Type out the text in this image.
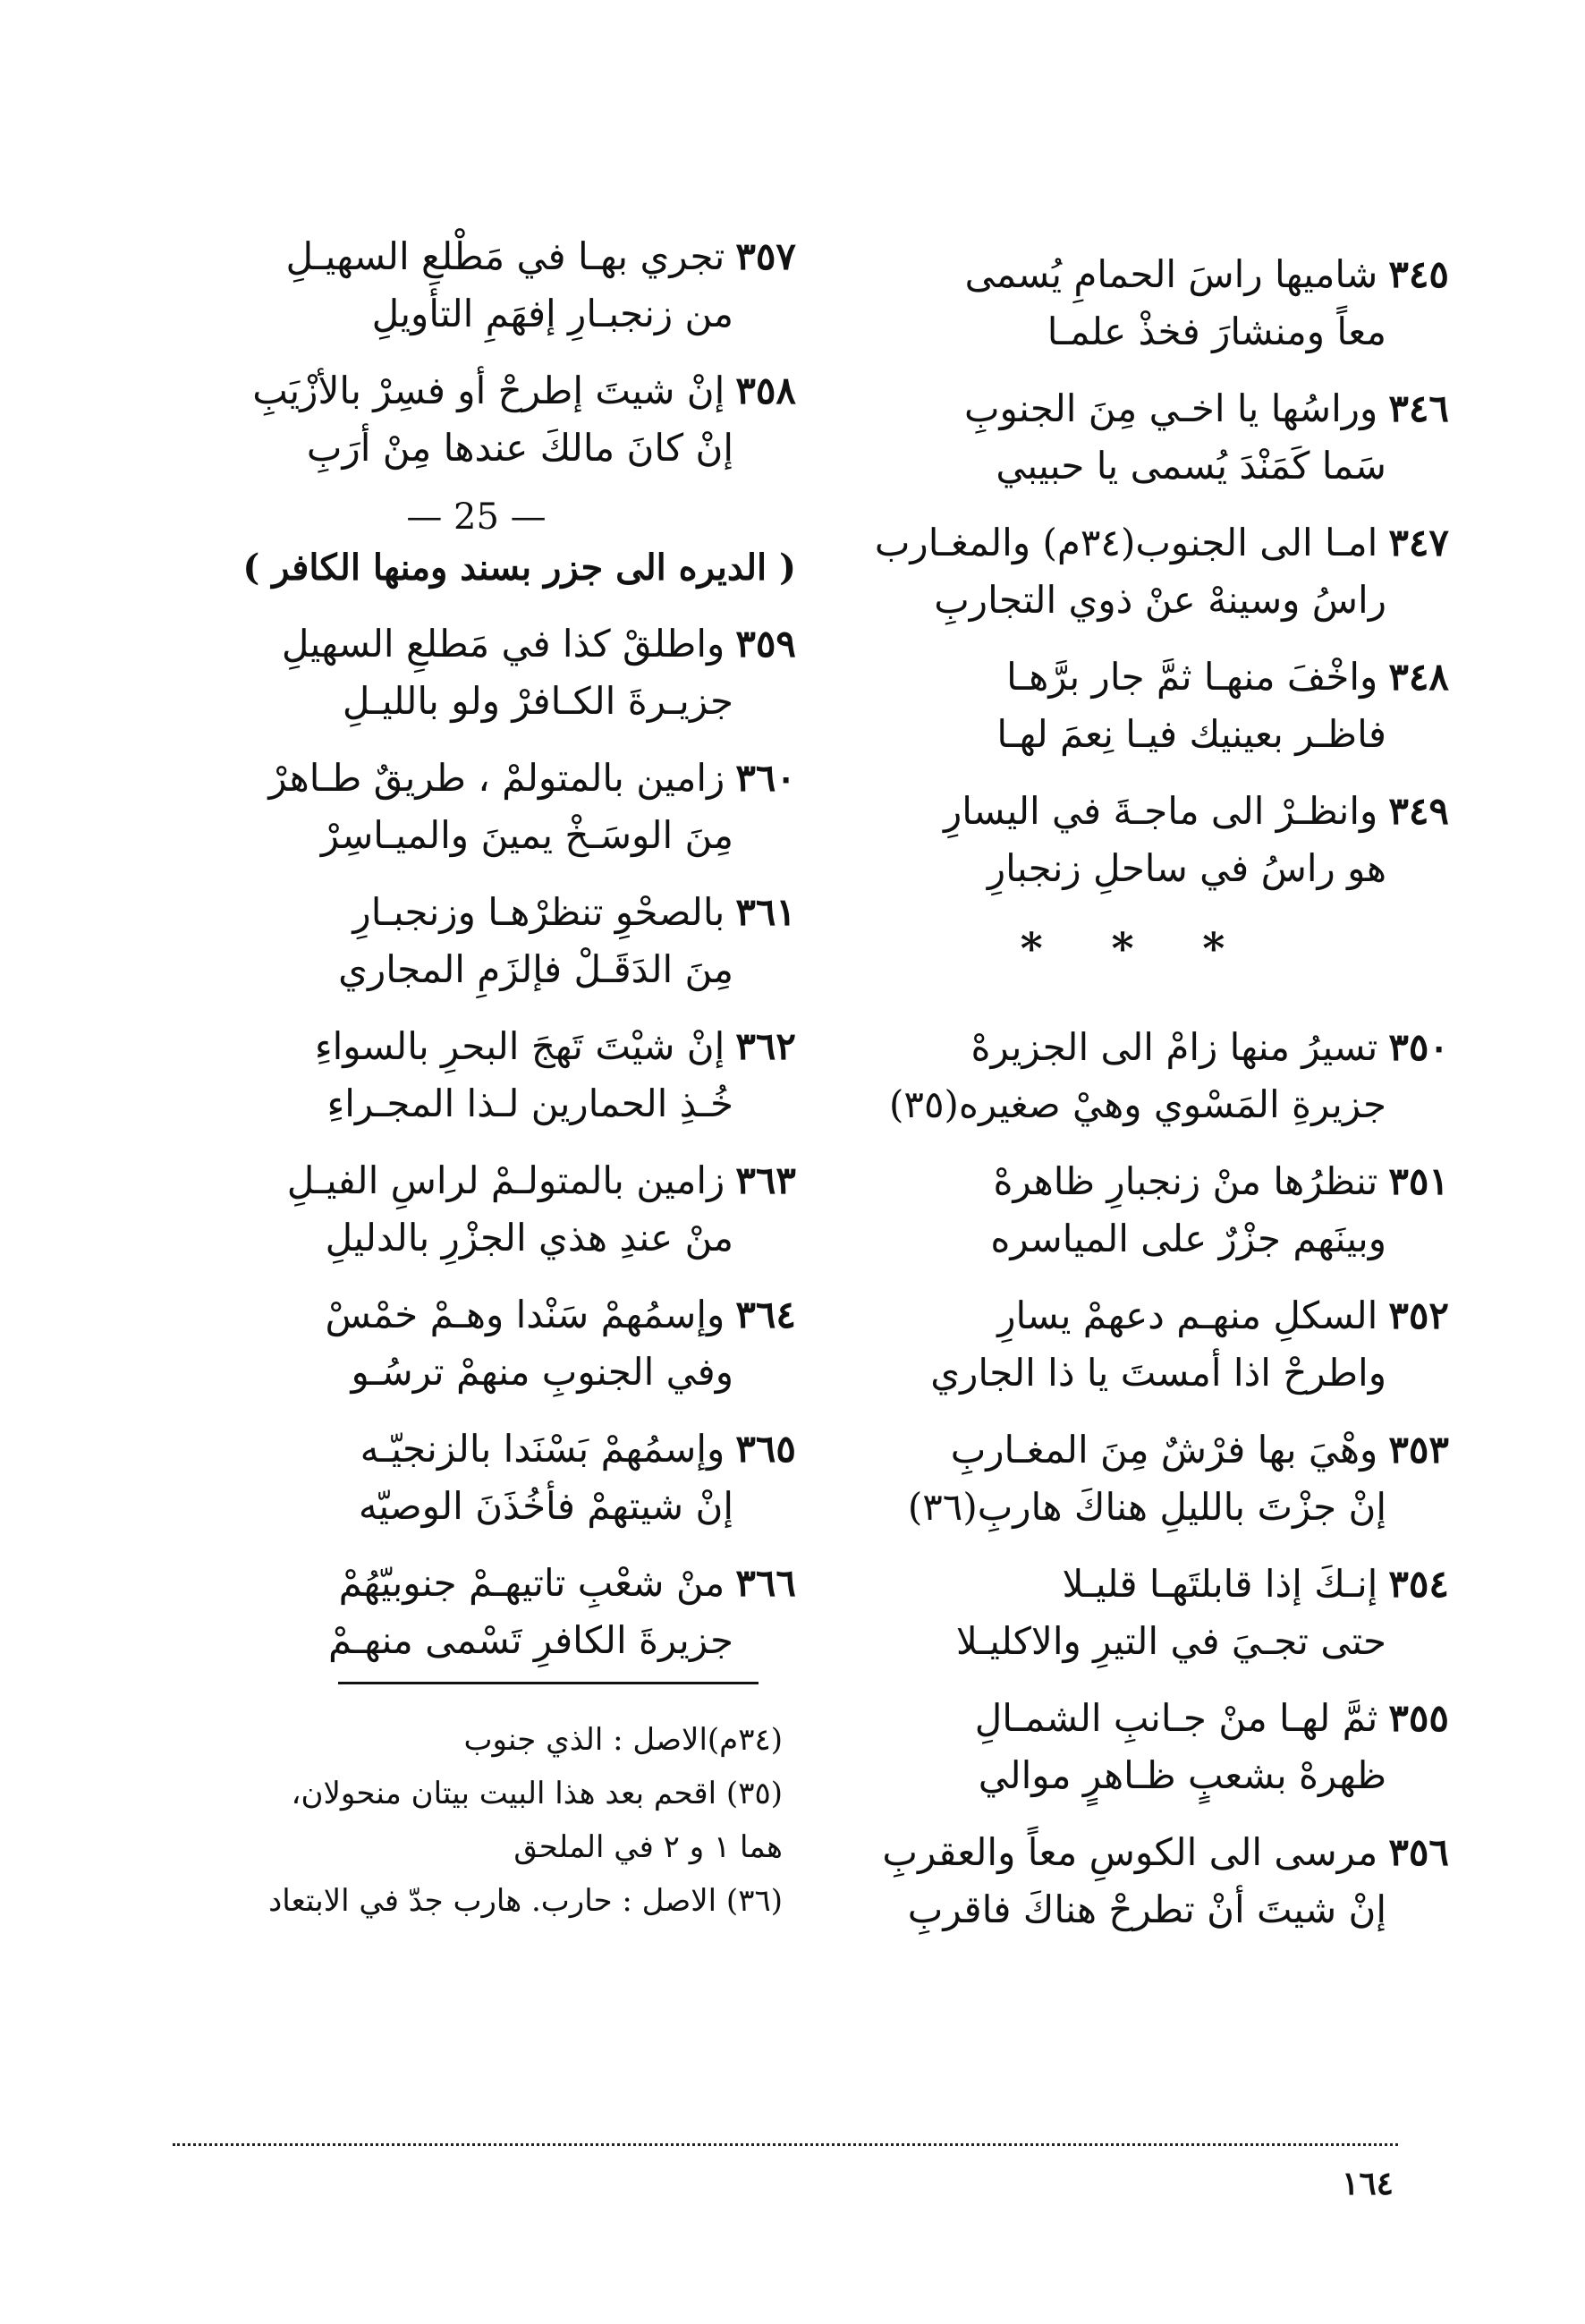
٣٤٥شاميها راسَ الحمامِ يُسمى
معاً ومنشارَ فخذْ علمـا
٣٤٦وراسُها يا اخـي مِنَ الجنوبِ
سَما كَمَنْدَ يُسمى يا حبيبي
٣٤٧امـا الى الجنوب(٣٤م) والمغـارب
راسُ وسينهْ عنْ ذوي التجاربِ
٣٤٨واخْفَ منهـا ثمَّ جار برَّهـا
فاظـر بعينيك فيـا نِعمَ لهـا
٣٤٩وانظـرْ الى ماجـةَ في اليسارِ
هو راسُ في ساحلِ زنجبارِ
* * *
٣٥٠تسيرُ منها زامْ الى الجزيرهْ
جزيرةِ المَسْوي وهيْ صغيره(٣٥)
٣٥١تنظرُها منْ زنجبارِ ظاهرهْ
وبينَهم جزْرٌ على المياسره
٣٥٢السكلِ منهـم دعهمْ يسارِ
واطرحْ اذا أمستَ يا ذا الجاري
٣٥٣وهْيَ بها فرْشٌ مِنَ المغـاربِ
إنْ جزْتَ بالليلِ هناكَ هاربِ(٣٦)
٣٥٤إنـكَ إذا قابلتَهـا قليـلا
حتى تجـيَ في التيرِ والاكليـلا
٣٥٥ثمَّ لهـا منْ جـانبِ الشمـالِ
ظهرهْ بشعبٍ ظـاهرٍ موالي
٣٥٦مرسى الى الكوسِ معاً والعقربِ
إنْ شيتَ أنْ تطرحْ هناكَ فاقربِ
٣٥٧تجري بهـا في مَطْلعِ السهيـلِ
من زنجبـارِ إفهَمِ التأويلِ
٣٥٨إنْ شيتَ إطرحْ أو فسِرْ بالأزْيَبِ
إنْ كانَ مالكَ عندها مِنْ أرَبِ
— 25 —
( الديره الى جزر بسند ومنها الكافر )
٣٥٩واطلقْ كذا في مَطلعِ السهيلِ
جزيـرةَ الكـافرْ ولو بالليـلِ
٣٦٠زامين بالمتولمْ ، طريقٌ طـاهرْ
مِنَ الوسَـخْ يمينَ والميـاسِرْ
٣٦١بالصحْوِ تنظرْهـا وزنجبـارِ
مِنَ الدَقَـلْ فإلزَمِ المجاري
٣٦٢إنْ شيْتَ تَهجَ البحرِ بالسواءِ
خُـذِ الحمارين لـذا المجـراءِ
٣٦٣زامين بالمتولـمْ لراسِ الفيـلِ
منْ عندِ هذي الجزْرِ بالدليلِ
٣٦٤وإسمُهمْ سَنْدا وهـمْ خمْسْ
وفي الجنوبِ منهمْ ترسُـو
٣٦٥وإسمُهمْ بَسْنَدا بالزنجيّـه
إنْ شيتهمْ فأخُذَنَ الوصيّه
٣٦٦منْ شعْبِ تاتيهـمْ جنوبيّهُمْ
جزيرةَ الكافرِ تَسْمى منهـمْ
(٣٤م)الاصل : الذي جنوب
(٣٥) اقحم بعد هذا البيت بيتان منحولان،
هما ١ و ٢ في الملحق
(٣٦) الاصل : حارب. هارب جدّ في الابتعاد
١٦٤
